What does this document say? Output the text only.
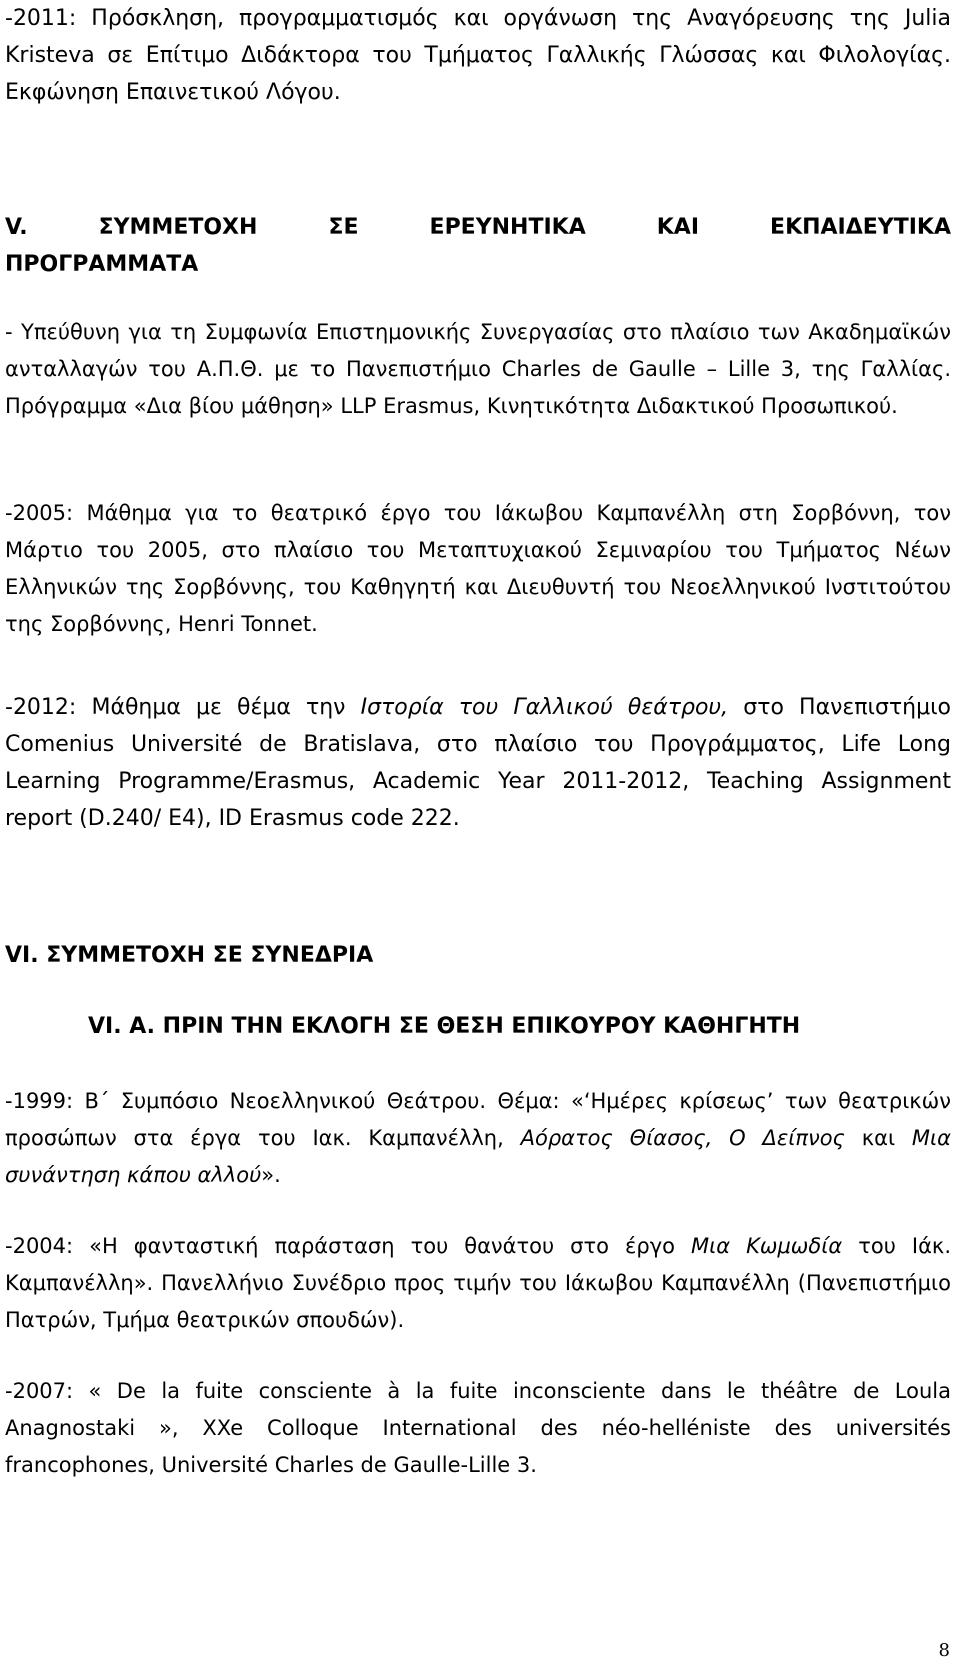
-2011: Πρόσκληση, προγραμματισμός και οργάνωση της Αναγόρευσης της Julia Kristeva σε Επίτιμο Διδάκτορα του Τμήματος Γαλλικής Γλώσσας και Φιλολογίας. Εκφώνηση Επαινετικού Λόγου.

V. ΣΥΜΜΕΤΟΧΗ ΣΕ ΕΡΕΥΝΗΤΙΚΑ ΚΑΙ ΕΚΠΑΙΔΕΥΤΙΚΑ
ΠΡΟΓΡΑΜΜΑΤΑ

- Υπεύθυνη για τη Συμφωνία Επιστημονικής Συνεργασίας στο πλαίσιο των Ακαδημαϊκών ανταλλαγών του Α.Π.Θ. με το Πανεπιστήμιο Charles de Gaulle – Lille 3, της Γαλλίας. Πρόγραμμα «Δια βίου μάθηση» LLP Erasmus, Κινητικότητα Διδακτικού Προσωπικού.

-2005: Μάθημα για το θεατρικό έργο του Ιάκωβου Καμπανέλλη στη Σορβόννη, τον Μάρτιο του 2005, στο πλαίσιο του Μεταπτυχιακού Σεμιναρίου του Τμήματος Νέων Ελληνικών της Σορβόννης, του Καθηγητή και Διευθυντή του Νεοελληνικού Ινστιτούτου της Σορβόννης, Henri Tonnet.

-2012: Μάθημα με θέμα την Ιστορία του Γαλλικού θεάτρου, στο Πανεπιστήμιο Comenius Université de Bratislava, στο πλαίσιο του Προγράμματος, Life Long Learning Programme/Erasmus, Academic Year 2011-2012, Teaching Assignment report (D.240/ E4), ID Erasmus code 222.

VI. ΣΥΜΜΕΤΟΧΗ ΣΕ ΣΥΝΕΔΡΙΑ
VI. A. ΠΡΙΝ ΤΗΝ ΕΚΛΟΓΗ ΣΕ ΘΕΣΗ ΕΠΙΚΟΥΡΟΥ ΚΑΘΗΓΗΤΗ

-1999: Β΄ Συμπόσιο Νεοελληνικού Θεάτρου. Θέμα: «‘Ημέρες κρίσεως’ των θεατρικών προσώπων στα έργα του Ιακ. Καμπανέλλη, Αόρατος Θίασος, Ο Δείπνος και Μια συνάντηση κάπου αλλού».

-2004: «Η φανταστική παράσταση του θανάτου στο έργο Μια Κωμωδία του Ιάκ. Καμπανέλλη». Πανελλήνιο Συνέδριο προς τιμήν του Ιάκωβου Καμπανέλλη (Πανεπιστήμιο Πατρών, Τμήμα θεατρικών σπουδών).

-2007: « De la fuite consciente à la fuite inconsciente dans le théâtre de Loula Anagnostaki », XXe Colloque International des néo-helléniste des universités francophones, Université Charles de Gaulle-Lille 3.

8
